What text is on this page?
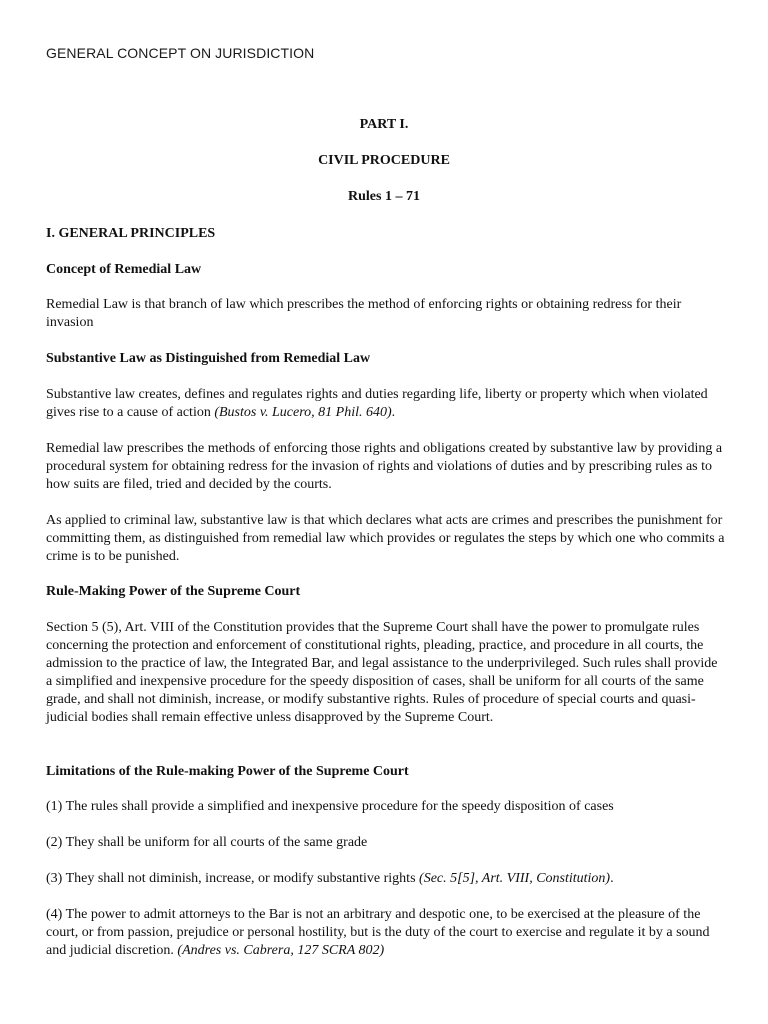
GENERAL CONCEPT ON JURISDICTION
PART I.
CIVIL PROCEDURE
Rules 1 – 71
I. GENERAL PRINCIPLES
Concept of Remedial Law
Remedial Law is that branch of law which prescribes the method of enforcing rights or obtaining redress for their invasion
Substantive Law as Distinguished from Remedial Law
Substantive law creates, defines and regulates rights and duties regarding life, liberty or property which when violated gives rise to a cause of action (Bustos v. Lucero, 81 Phil. 640).
Remedial law prescribes the methods of enforcing those rights and obligations created by substantive law by providing a procedural system for obtaining redress for the invasion of rights and violations of duties and by prescribing rules as to how suits are filed, tried and decided by the courts.
As applied to criminal law, substantive law is that which declares what acts are crimes and prescribes the punishment for committing them, as distinguished from remedial law which provides or regulates the steps by which one who commits a crime is to be punished.
Rule-Making Power of the Supreme Court
Section 5 (5), Art. VIII of the Constitution provides that the Supreme Court shall have the power to promulgate rules concerning the protection and enforcement of constitutional rights, pleading, practice, and procedure in all courts, the admission to the practice of law, the Integrated Bar, and legal assistance to the underprivileged. Such rules shall provide a simplified and inexpensive procedure for the speedy disposition of cases, shall be uniform for all courts of the same grade, and shall not diminish, increase, or modify substantive rights. Rules of procedure of special courts and quasi-judicial bodies shall remain effective unless disapproved by the Supreme Court.
Limitations of the Rule-making Power of the Supreme Court
(1) The rules shall provide a simplified and inexpensive procedure for the speedy disposition of cases
(2) They shall be uniform for all courts of the same grade
(3) They shall not diminish, increase, or modify substantive rights (Sec. 5[5], Art. VIII, Constitution).
(4) The power to admit attorneys to the Bar is not an arbitrary and despotic one, to be exercised at the pleasure of the court, or from passion, prejudice or personal hostility, but is the duty of the court to exercise and regulate it by a sound and judicial discretion. (Andres vs. Cabrera, 127 SCRA 802)
